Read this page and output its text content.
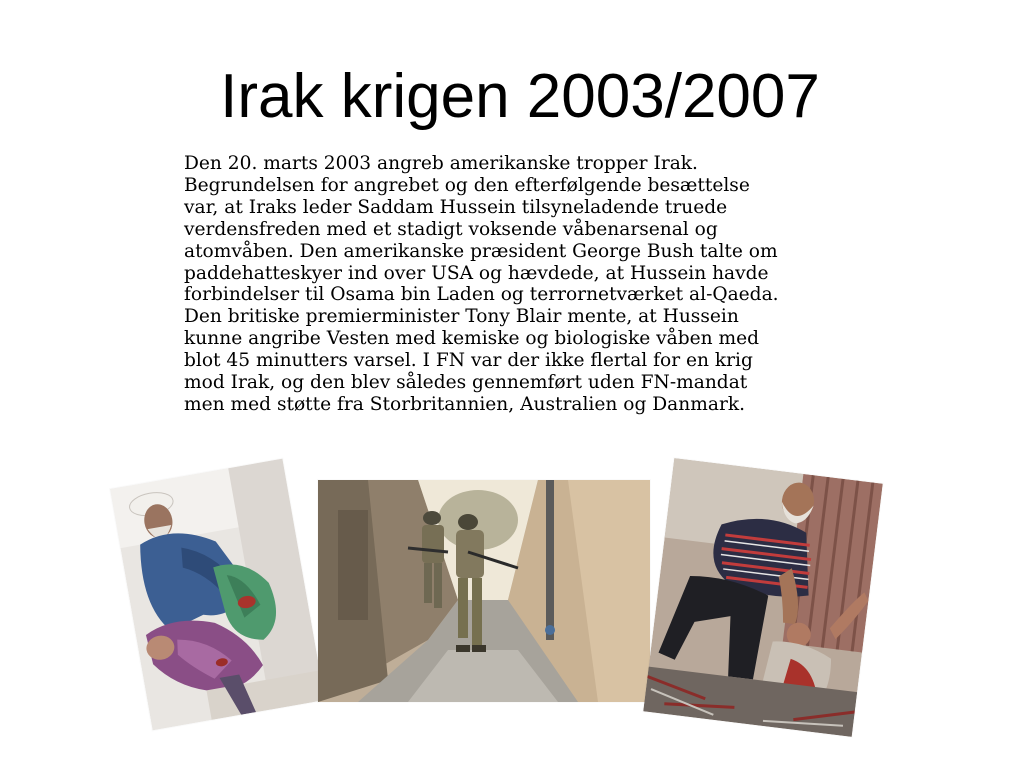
Irak krigen 2003/2007
Den 20. marts 2003 angreb amerikanske tropper Irak.
Begrundelsen for angrebet og den efterfølgende besættelse
var, at Iraks leder Saddam Hussein tilsyneladende truede
verdensfreden med et stadigt voksende våbenarsenal og
atomvåben. Den amerikanske præsident George Bush talte om
paddehatteskyer ind over USA og hævdede, at Hussein havde
forbindelser til Osama bin Laden og terrornetværket al-Qaeda.
Den britiske premierminister Tony Blair mente, at Hussein
kunne angribe Vesten med kemiske og biologiske våben med
blot 45 minutters varsel. I FN var der ikke flertal for en krig
mod Irak, og den blev således gennemført uden FN-mandat
men med støtte fra Storbritannien, Australien og Danmark.
